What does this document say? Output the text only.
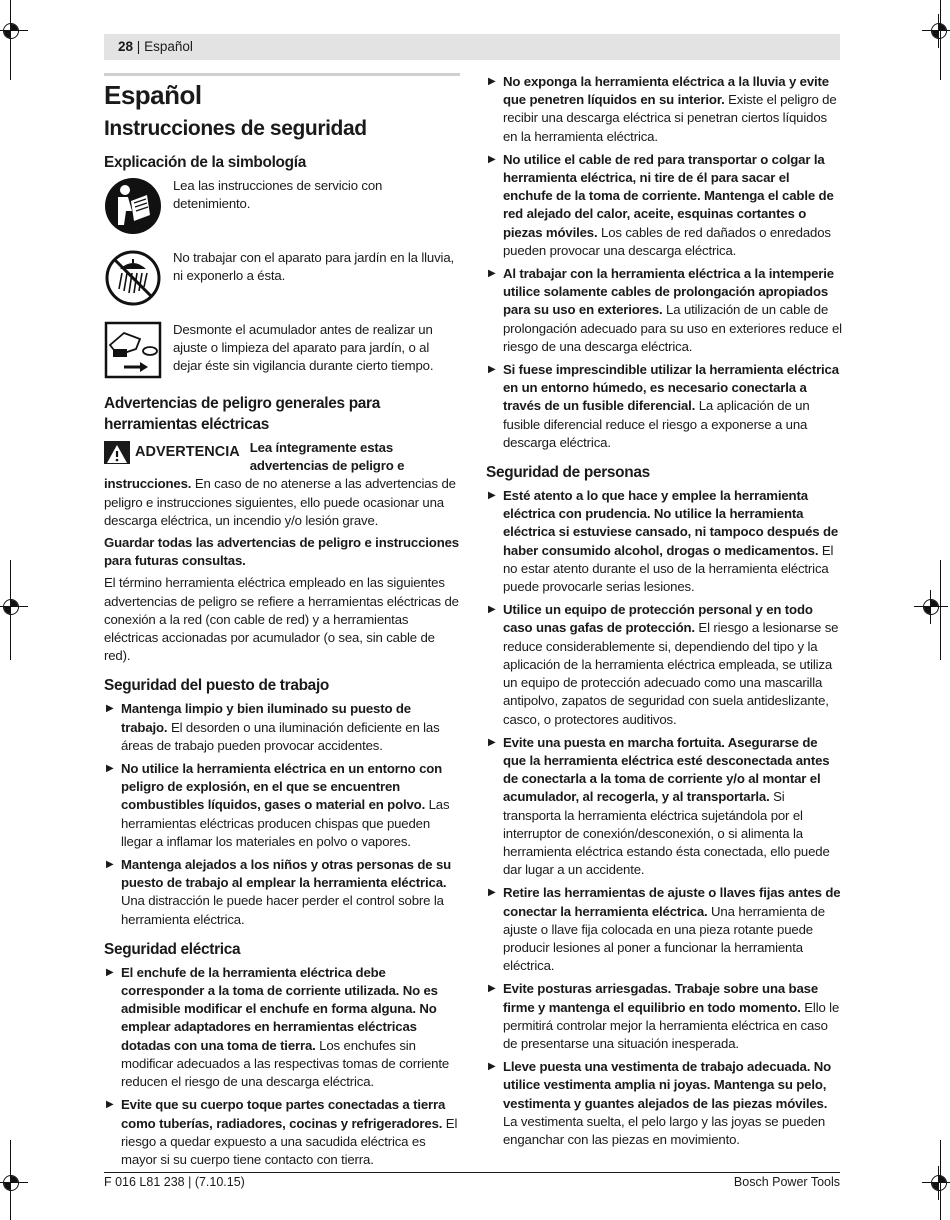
28 | Español
Español
Instrucciones de seguridad
Explicación de la simbología
Lea las instrucciones de servicio con detenimiento.
No trabajar con el aparato para jardín en la lluvia, ni exponerlo a ésta.
Desmonte el acumulador antes de realizar un ajuste o limpieza del aparato para jardín, o al dejar éste sin vigilancia durante cierto tiempo.
Advertencias de peligro generales para herramientas eléctricas
ADVERTENCIA Lea íntegramente estas advertencias de peligro e instrucciones. En caso de no atenerse a las advertencias de peligro e instrucciones siguientes, ello puede ocasionar una descarga eléctrica, un incendio y/o lesión grave.

Guardar todas las advertencias de peligro e instrucciones para futuras consultas.

El término herramienta eléctrica empleado en las siguientes advertencias de peligro se refiere a herramientas eléctricas de conexión a la red (con cable de red) y a herramientas eléctricas accionadas por acumulador (o sea, sin cable de red).

Seguridad del puesto de trabajo
▶ Mantenga limpio y bien iluminado su puesto de trabajo. El desorden o una iluminación deficiente en las áreas de trabajo pueden provocar accidentes.
▶ No utilice la herramienta eléctrica en un entorno con peligro de explosión, en el que se encuentren combustibles líquidos, gases o material en polvo. Las herramientas eléctricas producen chispas que pueden llegar a inflamar los materiales en polvo o vapores.
▶ Mantenga alejados a los niños y otras personas de su puesto de trabajo al emplear la herramienta eléctrica. Una distracción le puede hacer perder el control sobre la herramienta eléctrica.
Seguridad eléctrica
▶ El enchufe de la herramienta eléctrica debe corresponder a la toma de corriente utilizada. No es admisible modificar el enchufe en forma alguna. No emplear adaptadores en herramientas eléctricas dotadas con una toma de tierra. Los enchufes sin modificar adecuados a las respectivas tomas de corriente reducen el riesgo de una descarga eléctrica.
▶ Evite que su cuerpo toque partes conectadas a tierra como tuberías, radiadores, cocinas y refrigeradores. El riesgo a quedar expuesto a una sacudida eléctrica es mayor si su cuerpo tiene contacto con tierra.
▶ No exponga la herramienta eléctrica a la lluvia y evite que penetren líquidos en su interior. Existe el peligro de recibir una descarga eléctrica si penetran ciertos líquidos en la herramienta eléctrica.
▶ No utilice el cable de red para transportar o colgar la herramienta eléctrica, ni tire de él para sacar el enchufe de la toma de corriente. Mantenga el cable de red alejado del calor, aceite, esquinas cortantes o piezas móviles. Los cables de red dañados o enredados pueden provocar una descarga eléctrica.
▶ Al trabajar con la herramienta eléctrica a la intemperie utilice solamente cables de prolongación apropiados para su uso en exteriores. La utilización de un cable de prolongación adecuado para su uso en exteriores reduce el riesgo de una descarga eléctrica.
▶ Si fuese imprescindible utilizar la herramienta eléctrica en un entorno húmedo, es necesario conectarla a través de un fusible diferencial. La aplicación de un fusible diferencial reduce el riesgo a exponerse a una descarga eléctrica.
Seguridad de personas
▶ Esté atento a lo que hace y emplee la herramienta eléctrica con prudencia. No utilice la herramienta eléctrica si estuviese cansado, ni tampoco después de haber consumido alcohol, drogas o medicamentos. El no estar atento durante el uso de la herramienta eléctrica puede provocarle serias lesiones.
▶ Utilice un equipo de protección personal y en todo caso unas gafas de protección. El riesgo a lesionarse se reduce considerablemente si, dependiendo del tipo y la aplicación de la herramienta eléctrica empleada, se utiliza un equipo de protección adecuado como una mascarilla antipolvo, zapatos de seguridad con suela antideslizante, casco, o protectores auditivos.
▶ Evite una puesta en marcha fortuita. Asegurarse de que la herramienta eléctrica esté desconectada antes de conectarla a la toma de corriente y/o al montar el acumulador, al recogerla, y al transportarla. Si transporta la herramienta eléctrica sujetándola por el interruptor de conexión/desconexión, o si alimenta la herramienta eléctrica estando ésta conectada, ello puede dar lugar a un accidente.
▶ Retire las herramientas de ajuste o llaves fijas antes de conectar la herramienta eléctrica. Una herramienta de ajuste o llave fija colocada en una pieza rotante puede producir lesiones al poner a funcionar la herramienta eléctrica.
▶ Evite posturas arriesgadas. Trabaje sobre una base firme y mantenga el equilibrio en todo momento. Ello le permitirá controlar mejor la herramienta eléctrica en caso de presentarse una situación inesperada.
▶ Lleve puesta una vestimenta de trabajo adecuada. No utilice vestimenta amplia ni joyas. Mantenga su pelo, vestimenta y guantes alejados de las piezas móviles. La vestimenta suelta, el pelo largo y las joyas se pueden enganchar con las piezas en movimiento.
F 016 L81 238 | (7.10.15)	Bosch Power Tools
